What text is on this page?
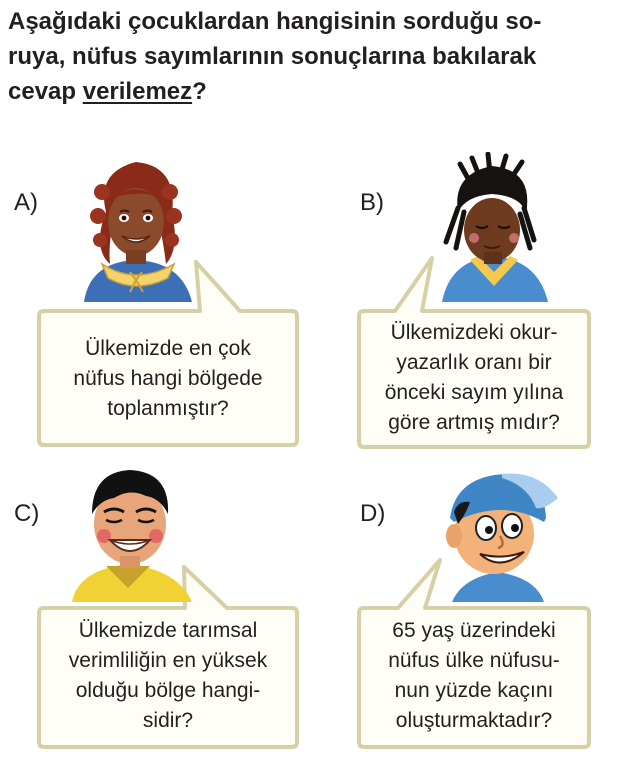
Aşağıdaki çocuklardan hangisinin sorduğu so-
ruya, nüfus sayımlarının sonuçlarına bakılarak
cevap verilemez?
A)	B)
C)	D)
Ülkemizde en çok
nüfus hangi bölgede
toplanmıştır?
Ülkemizdeki okur-
yazarlık oranı bir
önceki sayım yılına
göre artmış mıdır?
Ülkemizde tarımsal
verimliliğin en yüksek
olduğu bölge hangi-
sidir?
65 yaş üzerindeki
nüfus ülke nüfusu-
nun yüzde kaçını
oluşturmaktadır?
